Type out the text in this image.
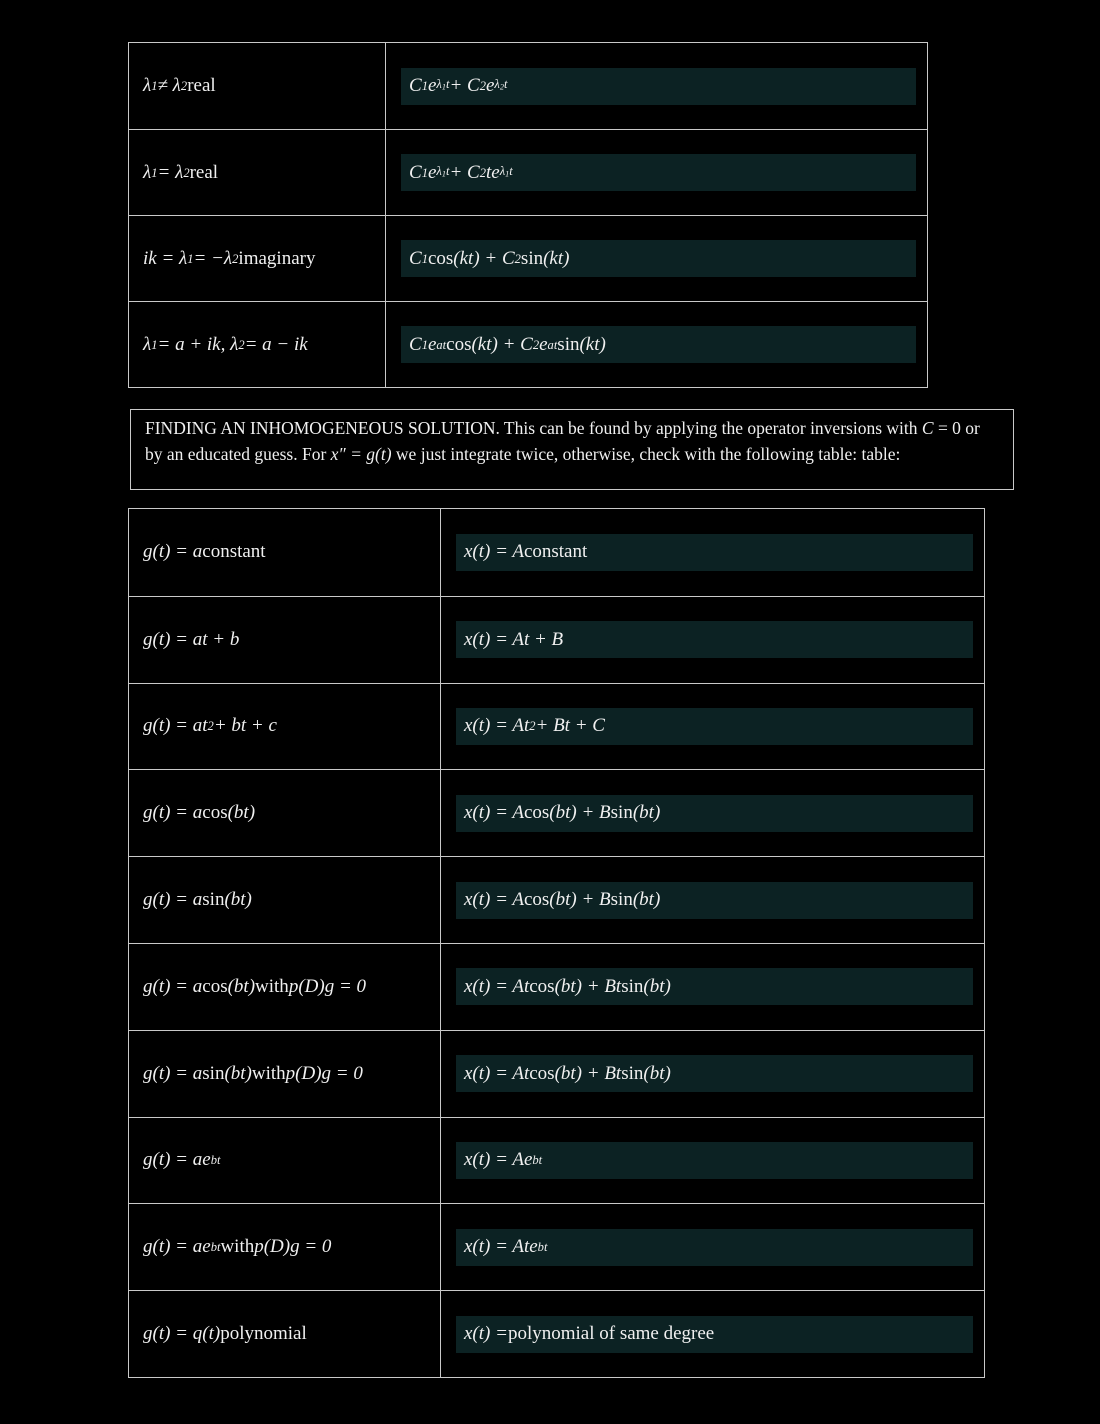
λ 1 ≠ λ 2 real	C 1 e $\lambda_1t + C$ 2 e $\lambda_2t$
λ 1 = λ 2 real	C 1 e $\lambda_1t + C$ 2 te $\lambda_1t$
ik = λ 1 = −λ 2 imaginary	C 1 cos (kt) + C 2 sin (kt)
λ 1 = a + ik, λ 2 = a − ik	C 1 e at cos (kt) + C 2 e at sin (kt)
FINDING AN INHOMOGENEOUS SOLUTION. This can be found by applying the operator inversions with C = 0 or by an educated guess. For x″ = g(t) we just integrate twice, otherwise, check with the following table: table:
g(t) = a constant	x(t) = A constant
g(t) = at + b	x(t) = At + B
g(t) = at 2 + bt + c	x(t) = At 2 + Bt + C
g(t) = a cos (bt)	x(t) = A cos (bt) + B sin (bt)
g(t) = a sin (bt)	x(t) = A cos (bt) + B sin (bt)
g(t) = a cos (bt) with p(D)g = 0	x(t) = At cos (bt) + Bt sin (bt)
g(t) = a sin (bt) with p(D)g = 0	x(t) = At cos (bt) + Bt sin (bt)
g(t) = ae bt	x(t) = Ae bt
g(t) = ae bt with p(D)g = 0	x(t) = Ate bt
g(t) = q(t) polynomial	x(t) = polynomial of same degree
